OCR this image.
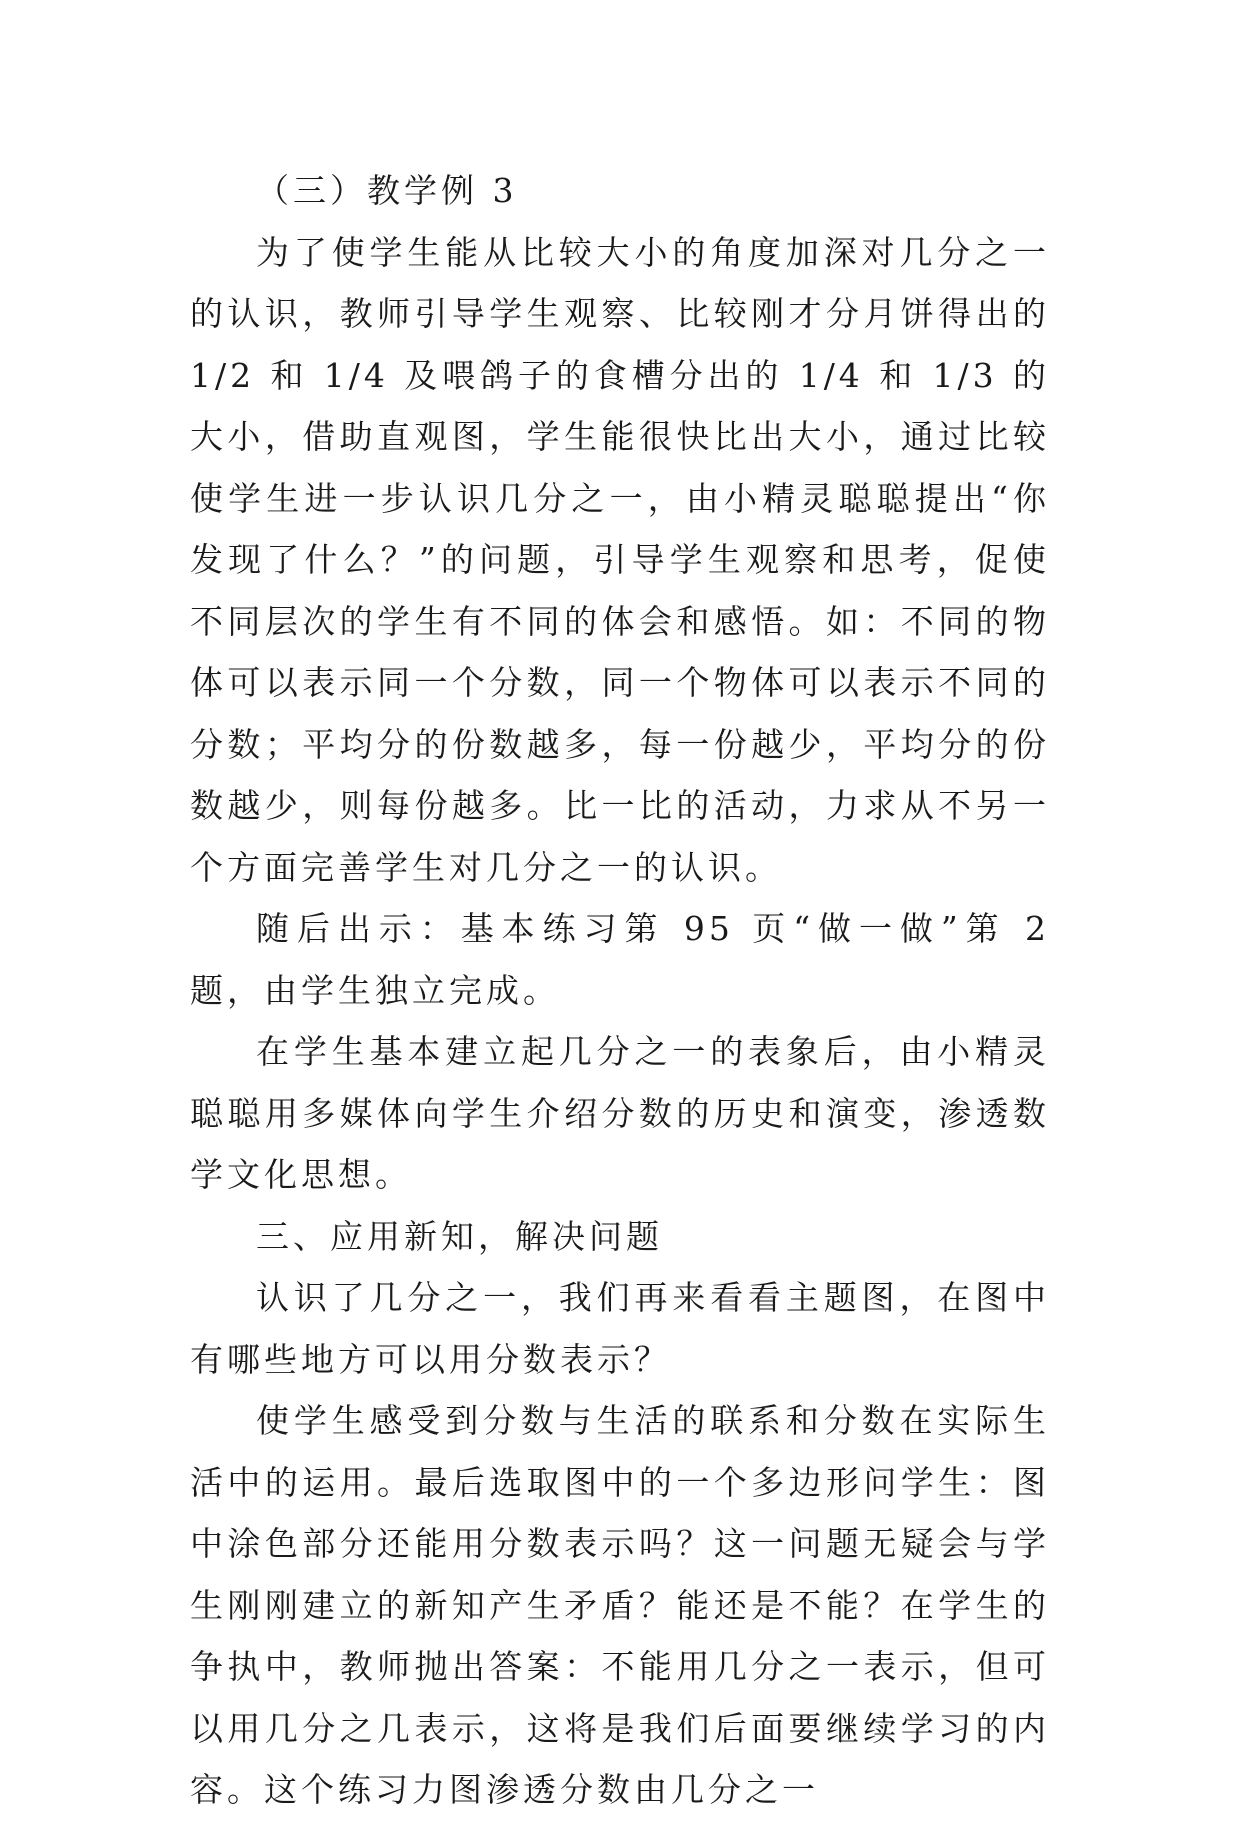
（三）教学例 3

为了使学生能从比较大小的角度加深对几分之一的认识，教师引导学生观察、比较刚才分月饼得出的 1/2 和 1/4 及喂鸽子的食槽分出的 1/4 和 1/3 的大小，借助直观图，学生能很快比出大小，通过比较使学生进一步认识几分之一，由小精灵聪聪提出“你发现了什么？”的问题，引导学生观察和思考，促使不同层次的学生有不同的体会和感悟。如：不同的物体可以表示同一个分数，同一个物体可以表示不同的分数；平均分的份数越多，每一份越少，平均分的份数越少，则每份越多。比一比的活动，力求从不另一个方面完善学生对几分之一的认识。

随后出示：基本练习第 95 页“做一做”第 2 题，由学生独立完成。

在学生基本建立起几分之一的表象后，由小精灵聪聪用多媒体向学生介绍分数的历史和演变，渗透数学文化思想。

三、应用新知，解决问题

认识了几分之一，我们再来看看主题图，在图中有哪些地方可以用分数表示？

使学生感受到分数与生活的联系和分数在实际生活中的运用。最后选取图中的一个多边形问学生：图中涂色部分还能用分数表示吗？这一问题无疑会与学生刚刚建立的新知产生矛盾？能还是不能？在学生的争执中，教师抛出答案：不能用几分之一表示，但可以用几分之几表示，这将是我们后面要继续学习的内容。这个练习力图渗透分数由几分之一
